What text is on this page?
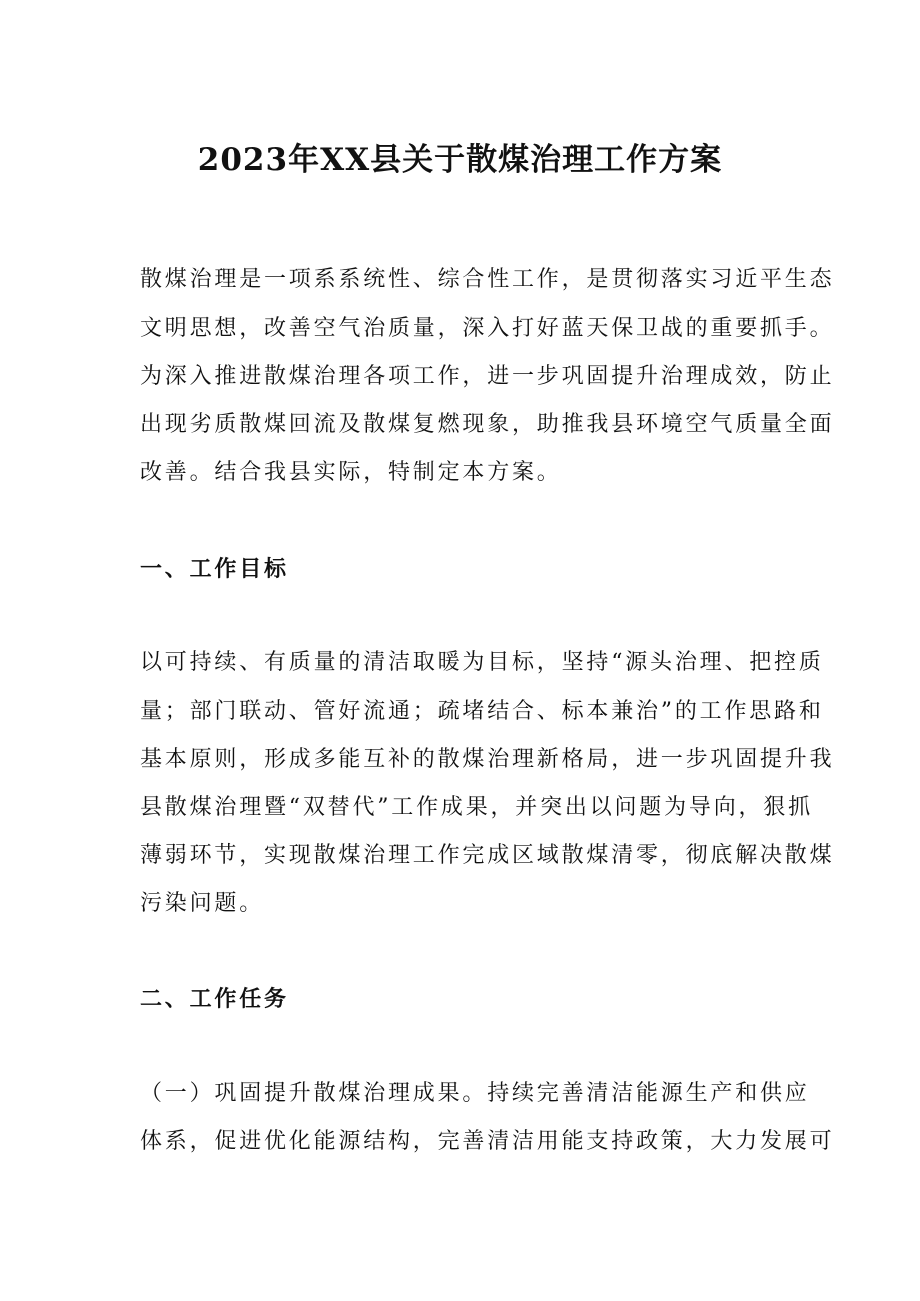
2023年XX县关于散煤治理工作方案

散煤治理是一项系系统性、综合性工作，是贯彻落实习近平生态

文明思想，改善空气治质量，深入打好蓝天保卫战的重要抓手。

为深入推进散煤治理各项工作，进一步巩固提升治理成效，防止

出现劣质散煤回流及散煤复燃现象，助推我县环境空气质量全面

改善。结合我县实际，特制定本方案。

一、工作目标

以可持续、有质量的清洁取暖为目标，坚持“源头治理、把控质

量；部门联动、管好流通；疏堵结合、标本兼治”的工作思路和

基本原则，形成多能互补的散煤治理新格局，进一步巩固提升我

县散煤治理暨“双替代”工作成果，并突出以问题为导向，狠抓

薄弱环节，实现散煤治理工作完成区域散煤清零，彻底解决散煤

污染问题。

二、工作任务

（一）巩固提升散煤治理成果。持续完善清洁能源生产和供应

体系，促进优化能源结构，完善清洁用能支持政策，大力发展可
